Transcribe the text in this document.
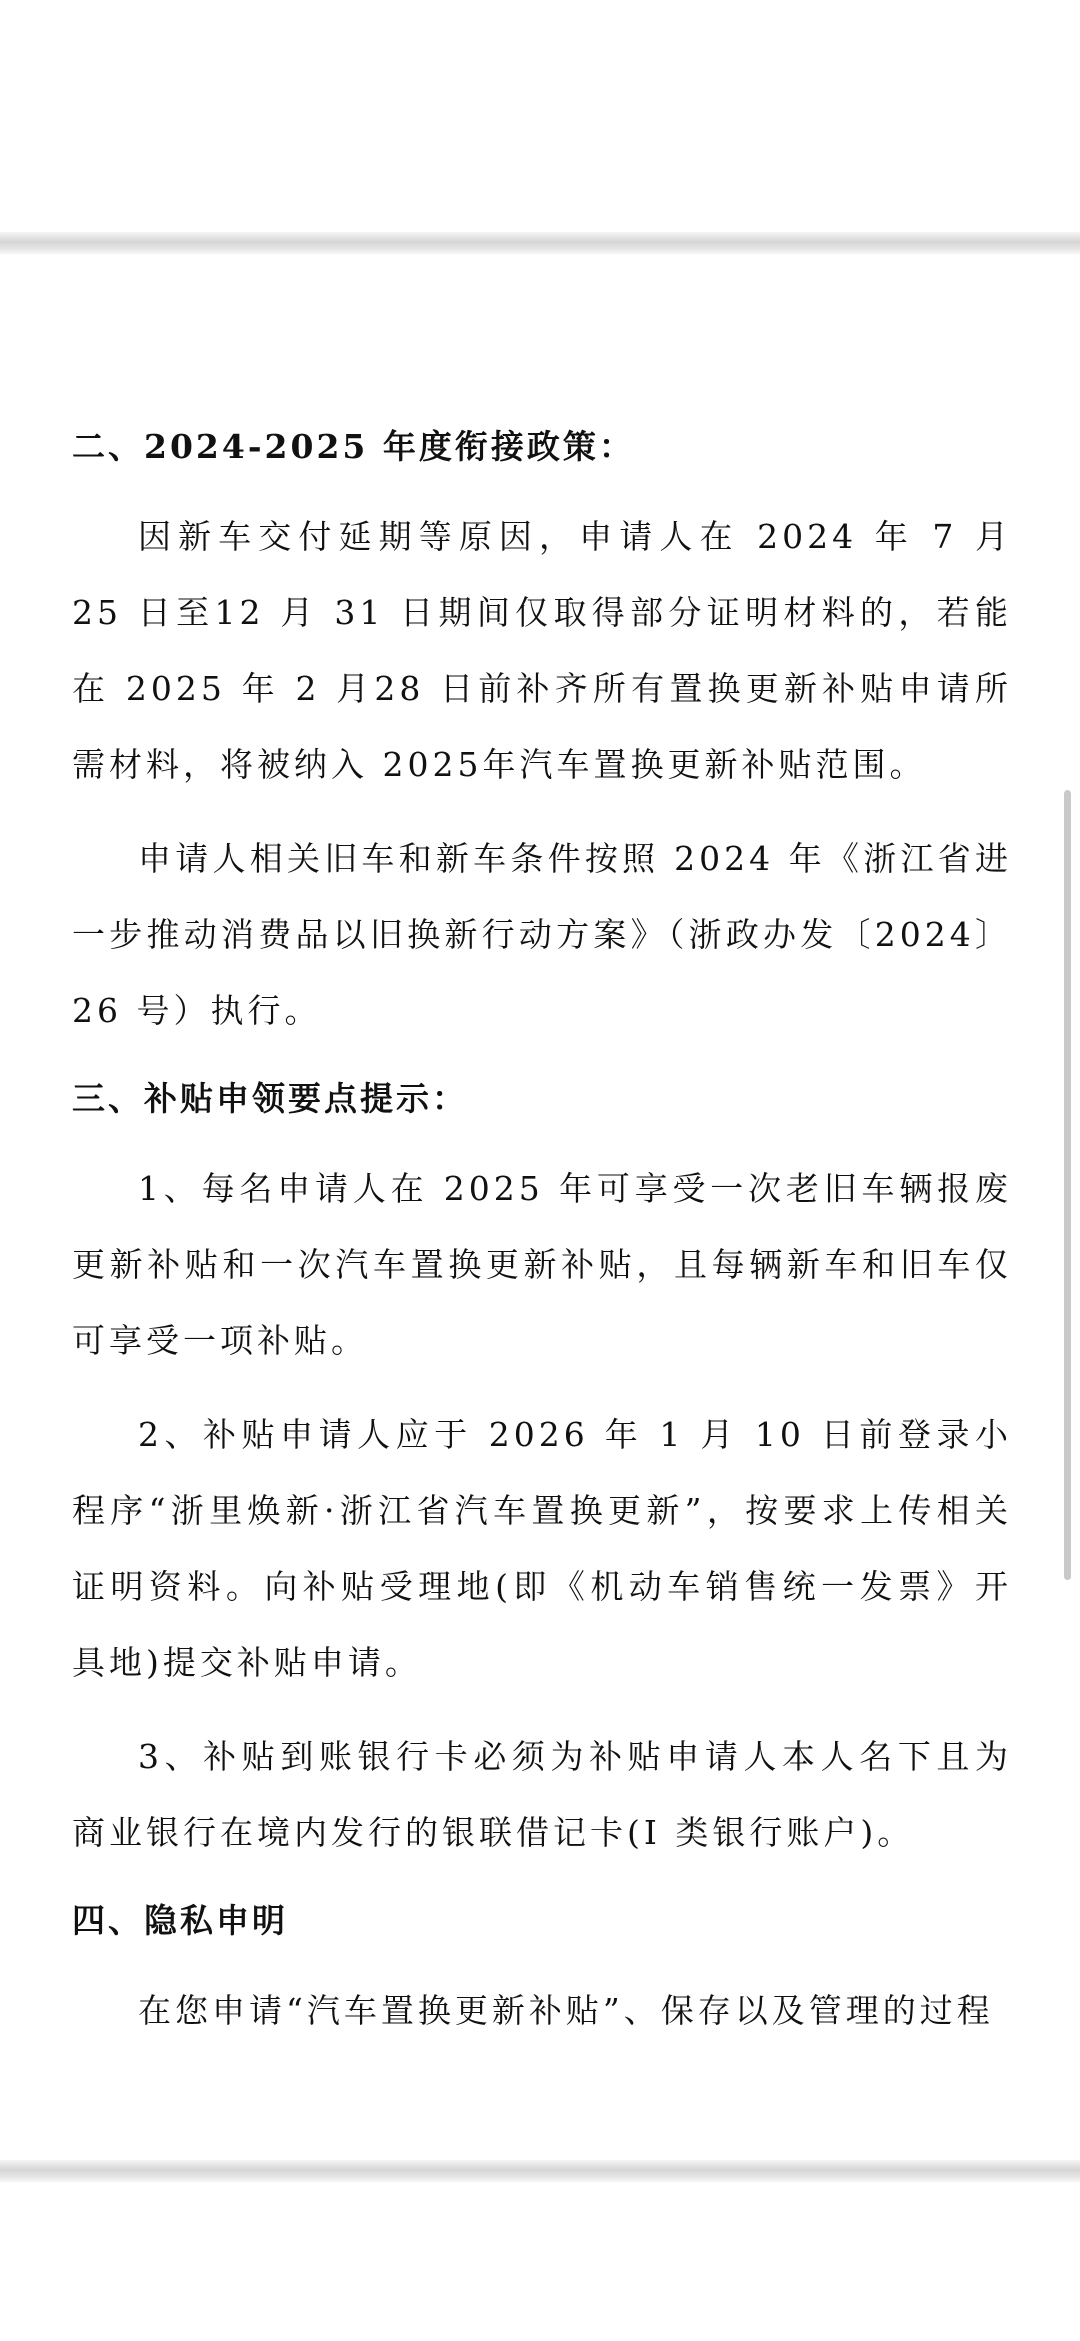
二、2024-2025 年度衔接政策：

因新车交付延期等原因，申请人在 2024 年 7 月 25 日至12 月 31 日期间仅取得部分证明材料的，若能在 2025 年 2 月28 日前补齐所有置换更新补贴申请所需材料，将被纳入 2025年汽车置换更新补贴范围。

申请人相关旧车和新车条件按照 2024 年《浙江省进一步推动消费品以旧换新行动方案》（浙政办发〔2024〕26 号）执行。

三、补贴申领要点提示：

1、每名申请人在 2025 年可享受一次老旧车辆报废更新补贴和一次汽车置换更新补贴，且每辆新车和旧车仅可享受一项补贴。

2、补贴申请人应于 2026 年 1 月 10 日前登录小程序“浙里焕新·浙江省汽车置换更新”，按要求上传相关证明资料。向补贴受理地(即《机动车销售统一发票》开具地)提交补贴申请。

3、补贴到账银行卡必须为补贴申请人本人名下且为商业银行在境内发行的银联借记卡(I 类银行账户)。

四、隐私申明

在您申请“汽车置换更新补贴”、保存以及管理的过程
